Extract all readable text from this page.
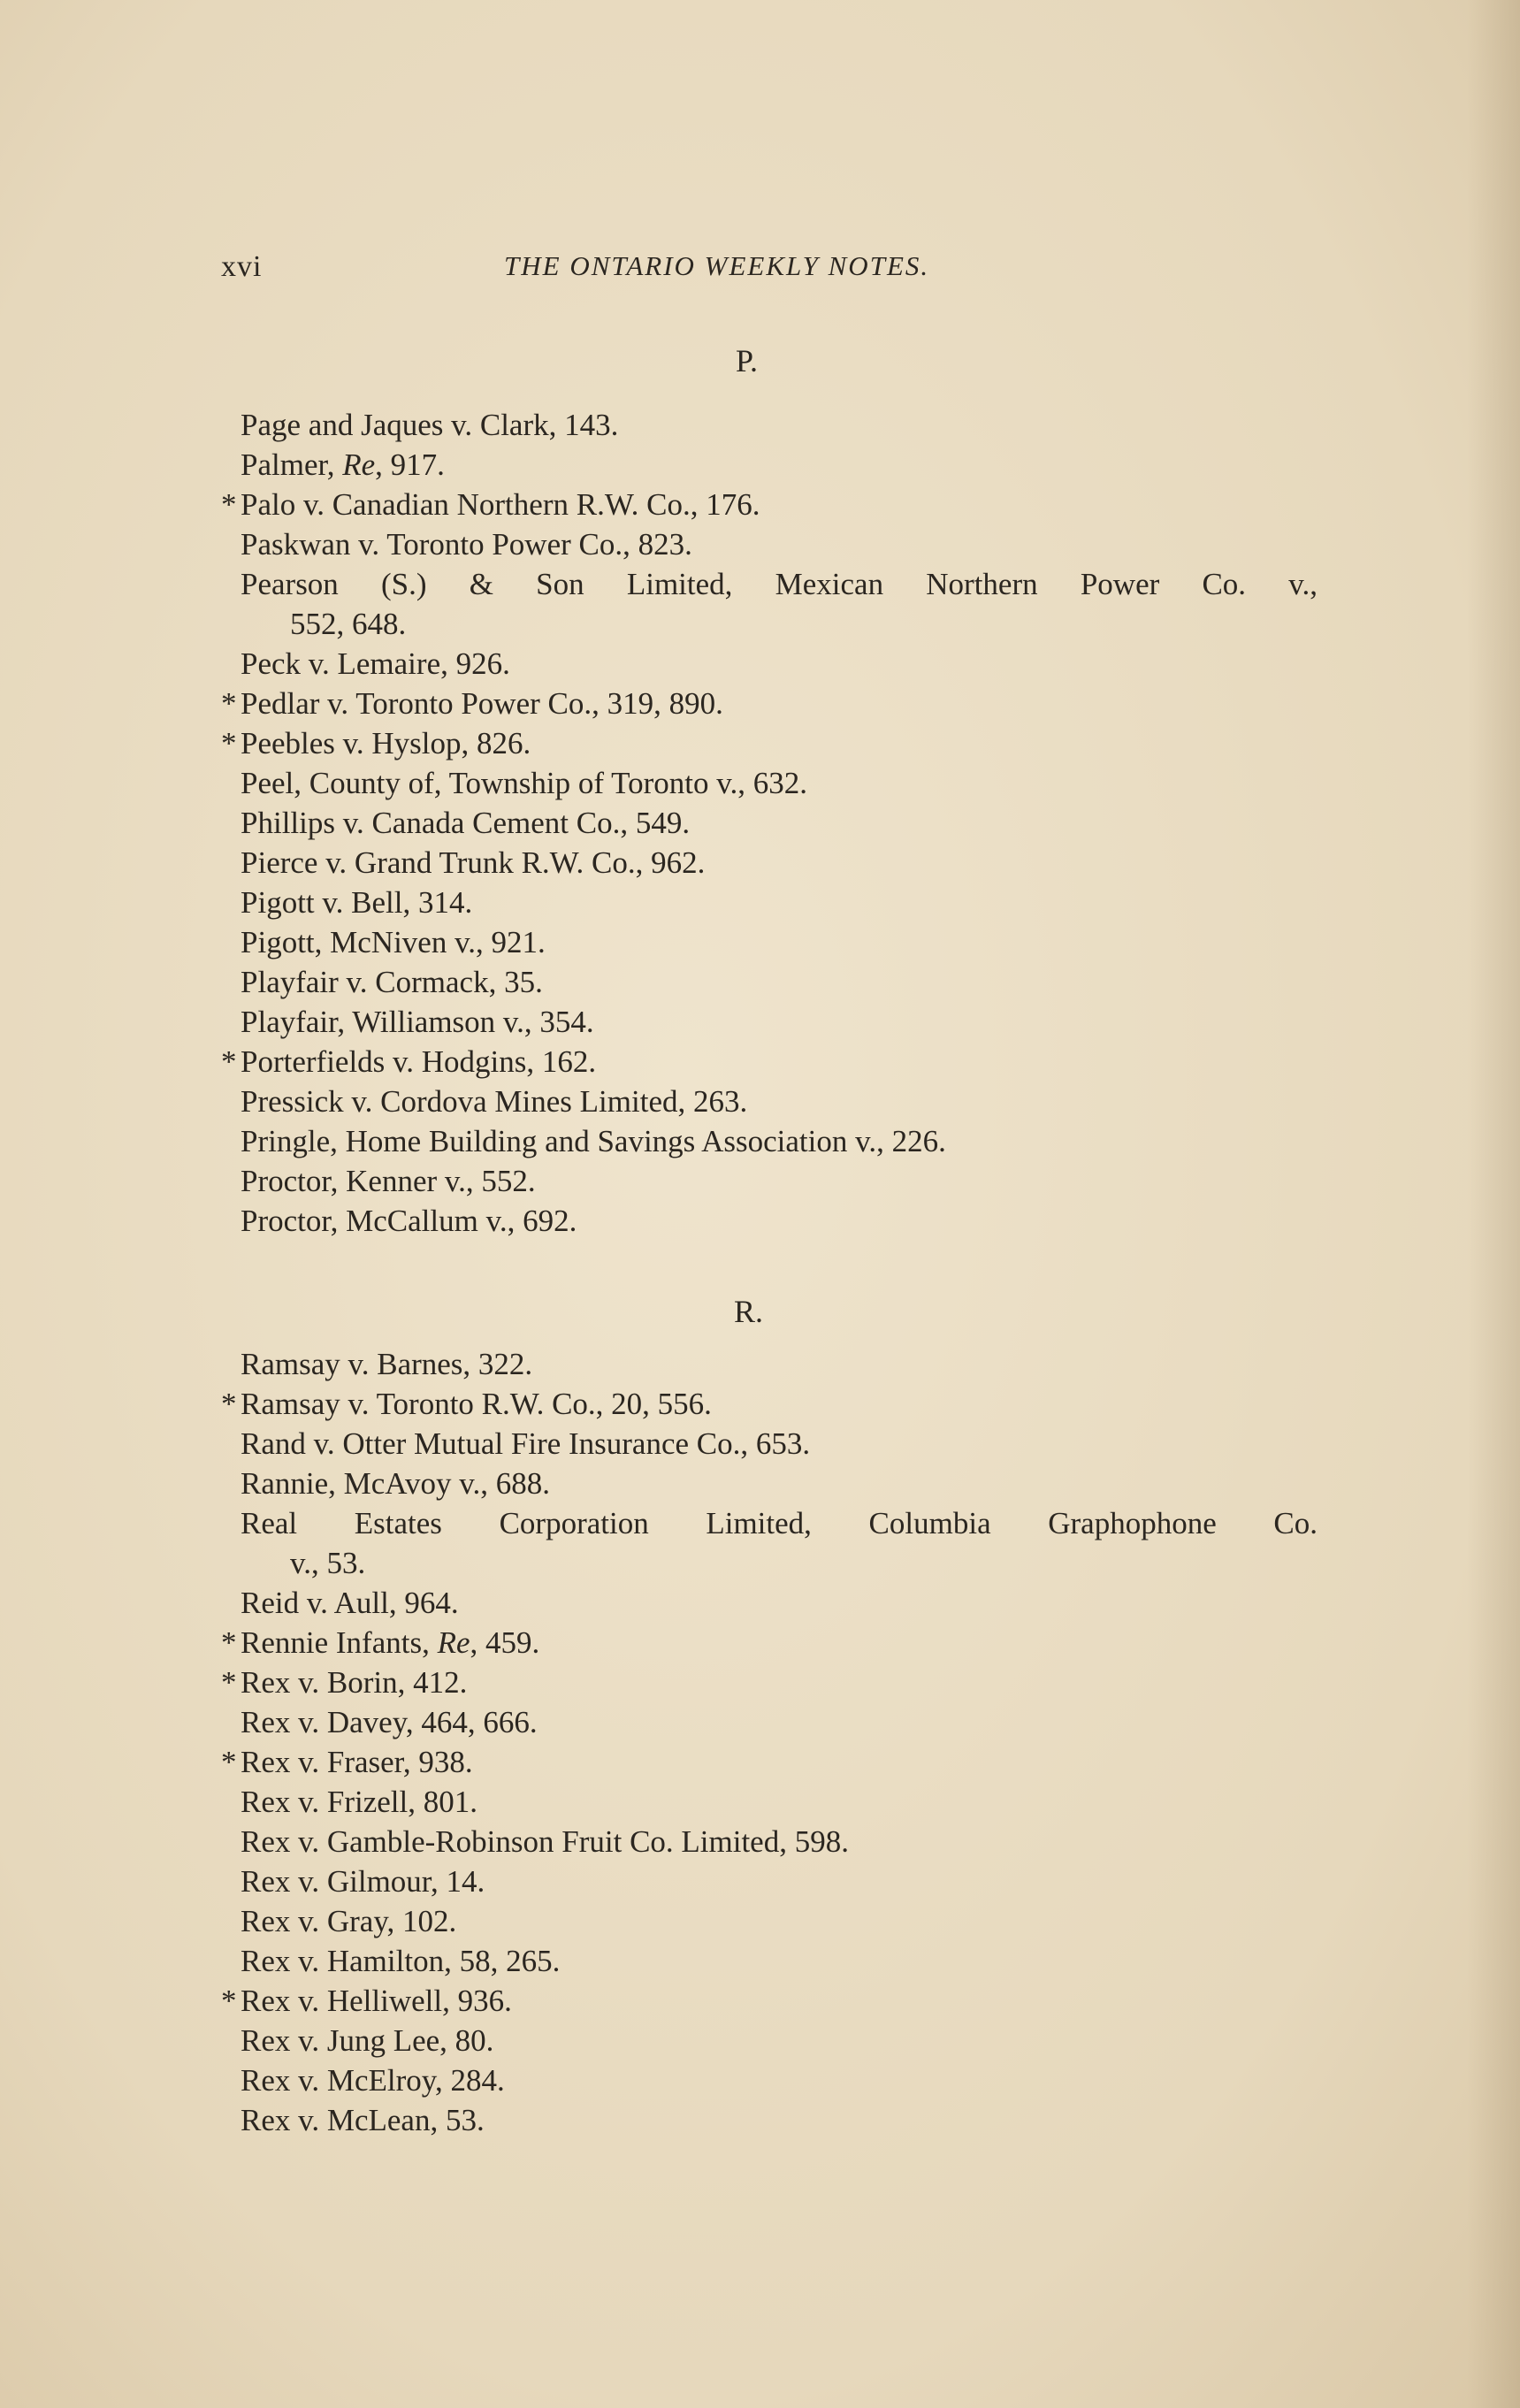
xvi	THE ONTARIO WEEKLY NOTES.
P.
Page and Jaques v. Clark, 143.
Palmer, Re, 917.
* Palo v. Canadian Northern R.W. Co., 176.
Paskwan v. Toronto Power Co., 823.
Pearson (S.) & Son Limited, Mexican Northern Power Co. v.,
552, 648.
Peck v. Lemaire, 926.
* Pedlar v. Toronto Power Co., 319, 890.
* Peebles v. Hyslop, 826.
Peel, County of, Township of Toronto v., 632.
Phillips v. Canada Cement Co., 549.
Pierce v. Grand Trunk R.W. Co., 962.
Pigott v. Bell, 314.
Pigott, McNiven v., 921.
Playfair v. Cormack, 35.
Playfair, Williamson v., 354.
* Porterfields v. Hodgins, 162.
Pressick v. Cordova Mines Limited, 263.
Pringle, Home Building and Savings Association v., 226.
Proctor, Kenner v., 552.
Proctor, McCallum v., 692.
R.
Ramsay v. Barnes, 322.
* Ramsay v. Toronto R.W. Co., 20, 556.
Rand v. Otter Mutual Fire Insurance Co., 653.
Rannie, McAvoy v., 688.
Real Estates Corporation Limited, Columbia Graphophone Co.
v., 53.
Reid v. Aull, 964.
* Rennie Infants, Re, 459.
* Rex v. Borin, 412.
Rex v. Davey, 464, 666.
* Rex v. Fraser, 938.
Rex v. Frizell, 801.
Rex v. Gamble-Robinson Fruit Co. Limited, 598.
Rex v. Gilmour, 14.
Rex v. Gray, 102.
Rex v. Hamilton, 58, 265.
* Rex v. Helliwell, 936.
Rex v. Jung Lee, 80.
Rex v. McElroy, 284.
Rex v. McLean, 53.
